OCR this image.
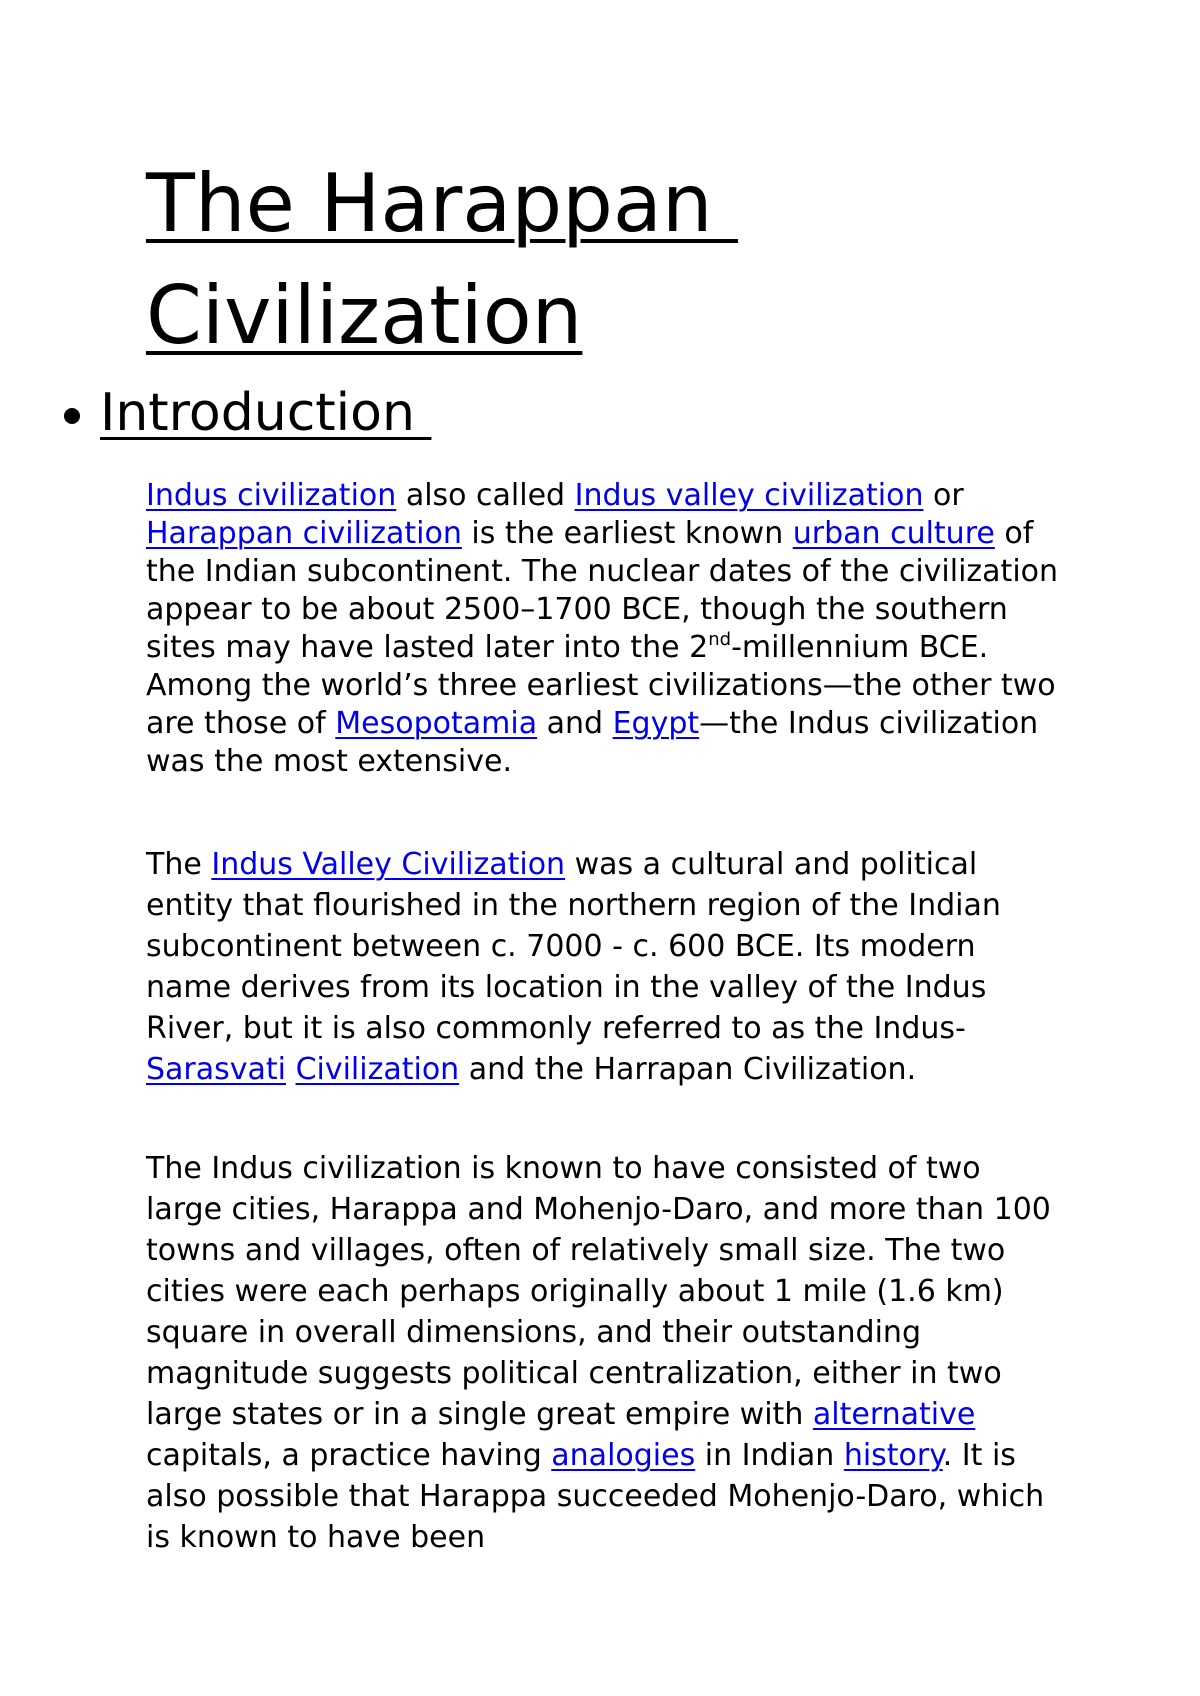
The Harappan
Civilization
Introduction

Indus civilization also called Indus valley civilization or Harappan civilization is the earliest known urban culture of the Indian subcontinent. The nuclear dates of the civilization appear to be about 2500–1700 BCE, though the southern sites may have lasted later into the 2nd-millennium BCE. Among the world’s three earliest civilizations—the other two are those of Mesopotamia and Egypt—the Indus civilization was the most extensive.

The Indus Valley Civilization was a cultural and political entity that flourished in the northern region of the Indian subcontinent between c. 7000 - c. 600 BCE. Its modern name derives from its location in the valley of the Indus River, but it is also commonly referred to as the Indus-Sarasvati Civilization and the Harrapan Civilization.

The Indus civilization is known to have consisted of two large cities, Harappa and Mohenjo-Daro, and more than 100 towns and villages, often of relatively small size. The two cities were each perhaps originally about 1 mile (1.6 km) square in overall dimensions, and their outstanding magnitude suggests political centralization, either in two large states or in a single great empire with alternative capitals, a practice having analogies in Indian history. It is also possible that Harappa succeeded Mohenjo-Daro, which is known to have been
